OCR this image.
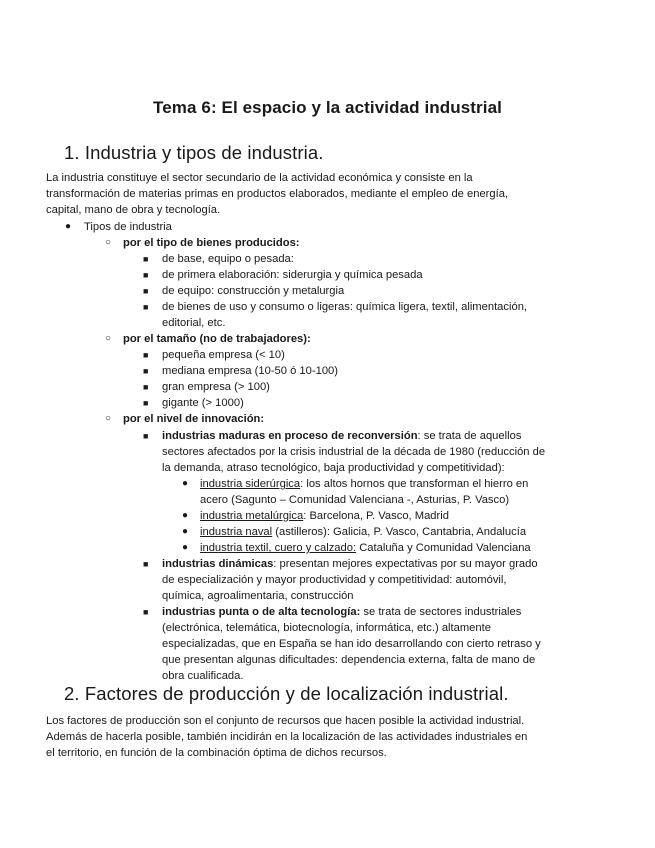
Tema 6: El espacio y la actividad industrial
1. Industria y tipos de industria.
La industria constituye el sector secundario de la actividad económica y consiste en la
transformación de materias primas en productos elaborados, mediante el empleo de energía,
capital, mano de obra y tecnología.
● Tipos de industria
○ por el tipo de bienes producidos:
■ de base, equipo o pesada:
■ de primera elaboración: siderurgia y química pesada
■ de equipo: construcción y metalurgia
■ de bienes de uso y consumo o ligeras: química ligera, textil, alimentación,
editorial, etc.
○ por el tamaño (no de trabajadores):
■ pequeña empresa (< 10)
■ mediana empresa (10-50 ó 10-100)
■ gran empresa (> 100)
■ gigante (> 1000)
○ por el nivel de innovación:
■ industrias maduras en proceso de reconversión: se trata de aquellos
sectores afectados por la crisis industrial de la década de 1980 (reducción de
la demanda, atraso tecnológico, baja productividad y competitividad):
● industria siderúrgica: los altos hornos que transforman el hierro en
acero (Sagunto – Comunidad Valenciana -, Asturias, P. Vasco)
● industria metalúrgica: Barcelona, P. Vasco, Madrid
● industria naval (astilleros): Galicia, P. Vasco, Cantabria, Andalucía
● industria textil, cuero y calzado: Cataluña y Comunidad Valenciana
■ industrias dinámicas: presentan mejores expectativas por su mayor grado
de especialización y mayor productividad y competitividad: automóvil,
química, agroalimentaria, construcción
■ industrias punta o de alta tecnología: se trata de sectores industriales
(electrónica, telemática, biotecnología, informática, etc.) altamente
especializadas, que en España se han ido desarrollando con cierto retraso y
que presentan algunas dificultades: dependencia externa, falta de mano de
obra cualificada.
2. Factores de producción y de localización industrial.
Los factores de producción son el conjunto de recursos que hacen posible la actividad industrial.
Además de hacerla posible, también incidirán en la localización de las actividades industriales en
el territorio, en función de la combinación óptima de dichos recursos.
